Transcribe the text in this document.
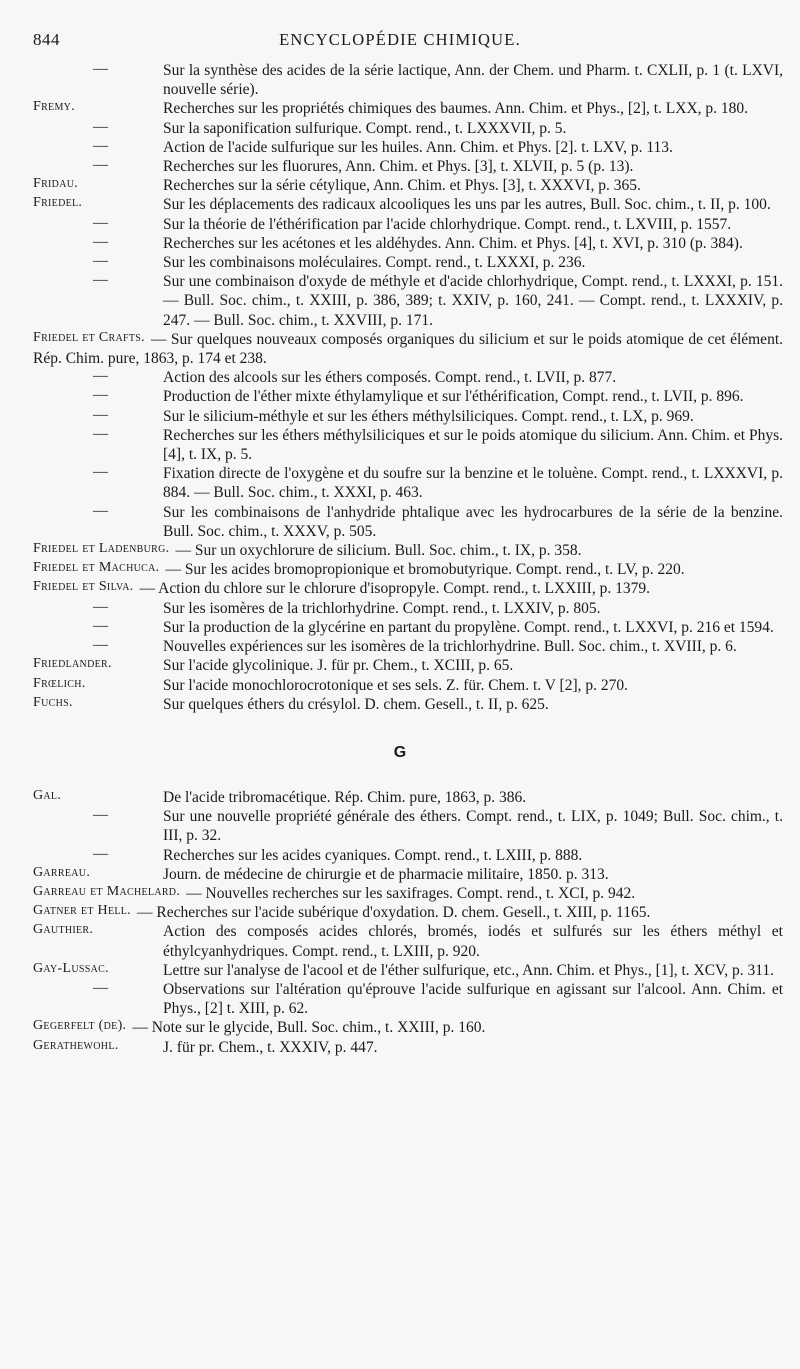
844	ENCYCLOPÉDIE CHIMIQUE.
—	Sur la synthèse des acides de la série lactique, Ann. der Chem. und Pharm. t. CXLII, p. 1 (t. LXVI, nouvelle série).
Fremy.	Recherches sur les propriétés chimiques des baumes. Ann. Chim. et Phys., [2], t. LXX, p. 180.
—	Sur la saponification sulfurique. Compt. rend., t. LXXXVII, p. 5.
—	Action de l'acide sulfurique sur les huiles. Ann. Chim. et Phys. [2]. t. LXV, p. 113.
—	Recherches sur les fluorures, Ann. Chim. et Phys. [3], t. XLVII, p. 5 (p. 13).
Fridau.	Recherches sur la série cétylique, Ann. Chim. et Phys. [3], t. XXXVI, p. 365.
Friedel.	Sur les déplacements des radicaux alcooliques les uns par les autres, Bull. Soc. chim., t. II, p. 100.
—	Sur la théorie de l'éthérification par l'acide chlorhydrique. Compt. rend., t. LXVIII, p. 1557.
—	Recherches sur les acétones et les aldéhydes. Ann. Chim. et Phys. [4], t. XVI, p. 310 (p. 384).
—	Sur les combinaisons moléculaires. Compt. rend., t. LXXXI, p. 236.
—	Sur une combinaison d'oxyde de méthyle et d'acide chlorhydrique, Compt. rend., t. LXXXI, p. 151. — Bull. Soc. chim., t. XXIII, p. 386, 389; t. XXIV, p. 160, 241. — Compt. rend., t. LXXXIV, p. 247. — Bull. Soc. chim., t. XXVIII, p. 171.
Friedel et Crafts. — Sur quelques nouveaux composés organiques du silicium et sur le poids atomique de cet élément. Rép. Chim. pure, 1863, p. 174 et 238.
—	Action des alcools sur les éthers composés. Compt. rend., t. LVII, p. 877.
—	Production de l'éther mixte éthylamylique et sur l'éthérification, Compt. rend., t. LVII, p. 896.
—	Sur le silicium-méthyle et sur les éthers méthylsiliciques. Compt. rend., t. LX, p. 969.
—	Recherches sur les éthers méthylsiliciques et sur le poids atomique du silicium. Ann. Chim. et Phys. [4], t. IX, p. 5.
—	Fixation directe de l'oxygène et du soufre sur la benzine et le toluène. Compt. rend., t. LXXXVI, p. 884. — Bull. Soc. chim., t. XXXI, p. 463.
—	Sur les combinaisons de l'anhydride phtalique avec les hydrocarbures de la série de la benzine. Bull. Soc. chim., t. XXXV, p. 505.
Friedel et Ladenburg. — Sur un oxychlorure de silicium. Bull. Soc. chim., t. IX, p. 358.
Friedel et Machuca. — Sur les acides bromopropionique et bromobutyrique. Compt. rend., t. LV, p. 220.
Friedel et Silva. — Action du chlore sur le chlorure d'isopropyle. Compt. rend., t. LXXIII, p. 1379.
—	Sur les isomères de la trichlorhydrine. Compt. rend., t. LXXIV, p. 805.
—	Sur la production de la glycérine en partant du propylène. Compt. rend., t. LXXVI, p. 216 et 1594.
—	Nouvelles expériences sur les isomères de la trichlorhydrine. Bull. Soc. chim., t. XVIII, p. 6.
Friedlander.	Sur l'acide glycolinique. J. für pr. Chem., t. XCIII, p. 65.
Frœlich.	Sur l'acide monochlorocrotonique et ses sels. Z. für. Chem. t. V [2], p. 270.
Fuchs.	Sur quelques éthers du crésylol. D. chem. Gesell., t. II, p. 625.
G
Gal.	De l'acide tribromacétique. Rép. Chim. pure, 1863, p. 386.
—	Sur une nouvelle propriété générale des éthers. Compt. rend., t. LIX, p. 1049; Bull. Soc. chim., t. III, p. 32.
—	Recherches sur les acides cyaniques. Compt. rend., t. LXIII, p. 888.
Garreau.	Journ. de médecine de chirurgie et de pharmacie militaire, 1850. p. 313.
Garreau et Machelard. — Nouvelles recherches sur les saxifrages. Compt. rend., t. XCI, p. 942.
Gatner et Hell. — Recherches sur l'acide subérique d'oxydation. D. chem. Gesell., t. XIII, p. 1165.
Gauthier.	Action des composés acides chlorés, bromés, iodés et sulfurés sur les éthers méthyl et éthylcyanhydriques. Compt. rend., t. LXIII, p. 920.
Gay-Lussac.	Lettre sur l'analyse de l'acool et de l'éther sulfurique, etc., Ann. Chim. et Phys., [1], t. XCV, p. 311.
—	Observations sur l'altération qu'éprouve l'acide sulfurique en agissant sur l'alcool. Ann. Chim. et Phys., [2] t. XIII, p. 62.
Gegerfelt (de). — Note sur le glycide, Bull. Soc. chim., t. XXIII, p. 160.
Gerathewohl.	J. für pr. Chem., t. XXXIV, p. 447.
